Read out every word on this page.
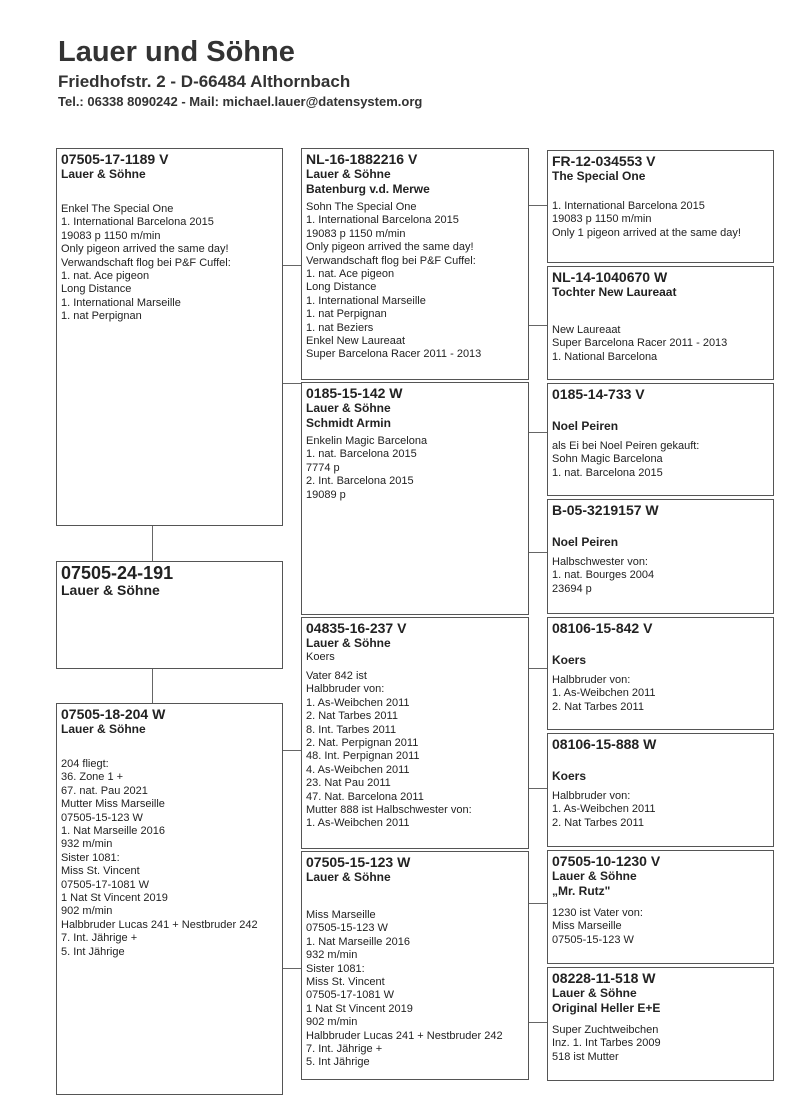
Lauer und Söhne
Friedhofstr. 2 - D-66484 Althornbach
Tel.: 06338 8090242 - Mail: michael.lauer@datensystem.org
07505-24-191
Lauer & Söhne
07505-17-1189 V
Lauer & Söhne
Enkel The Special One
1. International Barcelona 2015
19083 p 1150 m/min
Only pigeon arrived the same day!
Verwandschaft flog bei P&F Cuffel:
1. nat. Ace pigeon
Long Distance
1. International Marseille
1. nat Perpignan
07505-18-204 W
Lauer & Söhne
204 fliegt:
36. Zone 1 +
67. nat. Pau 2021
Mutter Miss Marseille
07505-15-123 W
1. Nat Marseille 2016
932 m/min
Sister 1081:
Miss St. Vincent
07505-17-1081 W
1 Nat St Vincent 2019
902 m/min
Halbbruder Lucas 241 + Nestbruder 242
7. Int. Jährige +
5. Int Jährige
NL-16-1882216 V
Lauer & Söhne
Batenburg v.d. Merwe
Sohn The Special One
1. International Barcelona 2015
19083 p 1150 m/min
Only pigeon arrived the same day!
Verwandschaft flog bei P&F Cuffel:
1. nat. Ace pigeon
Long Distance
1. International Marseille
1. nat Perpignan
1. nat Beziers
Enkel New Laureaat
Super Barcelona Racer 2011 - 2013
0185-15-142 W
Lauer & Söhne
Schmidt Armin
Enkelin Magic Barcelona
1. nat. Barcelona 2015
7774 p
2. Int. Barcelona 2015
19089 p
04835-16-237 V
Lauer & Söhne
Koers
Vater 842 ist
Halbbruder von:
1. As-Weibchen 2011
2. Nat Tarbes 2011
8. Int. Tarbes 2011
2. Nat. Perpignan 2011
48. Int. Perpignan 2011
4. As-Weibchen 2011
23. Nat Pau 2011
47. Nat. Barcelona 2011
Mutter 888 ist Halbschwester von:
1. As-Weibchen 2011
07505-15-123 W
Lauer & Söhne
Miss Marseille
07505-15-123 W
1. Nat Marseille 2016
932 m/min
Sister 1081:
Miss St. Vincent
07505-17-1081 W
1 Nat St Vincent 2019
902 m/min
Halbbruder Lucas 241 + Nestbruder 242
7. Int. Jährige +
5. Int Jährige
FR-12-034553 V
The Special One
1. International Barcelona 2015
19083 p 1150 m/min
Only 1 pigeon arrived at the same day!
NL-14-1040670 W
Tochter New Laureaat
New Laureaat
Super Barcelona Racer 2011 - 2013
1. National Barcelona
0185-14-733 V
Noel Peiren
als Ei bei Noel Peiren gekauft:
Sohn Magic Barcelona
1. nat. Barcelona 2015
B-05-3219157 W
Noel Peiren
Halbschwester von:
1. nat. Bourges 2004
23694 p
08106-15-842 V
Koers
Halbbruder von:
1. As-Weibchen 2011
2. Nat Tarbes 2011
08106-15-888 W
Koers
Halbbruder von:
1. As-Weibchen 2011
2. Nat Tarbes 2011
07505-10-1230 V
Lauer & Söhne
„Mr. Rutz"
1230 ist Vater von:
Miss Marseille
07505-15-123 W
08228-11-518 W
Lauer & Söhne
Original Heller E+E
Super Zuchtweibchen
Inz. 1. Int Tarbes 2009
518 ist Mutter
